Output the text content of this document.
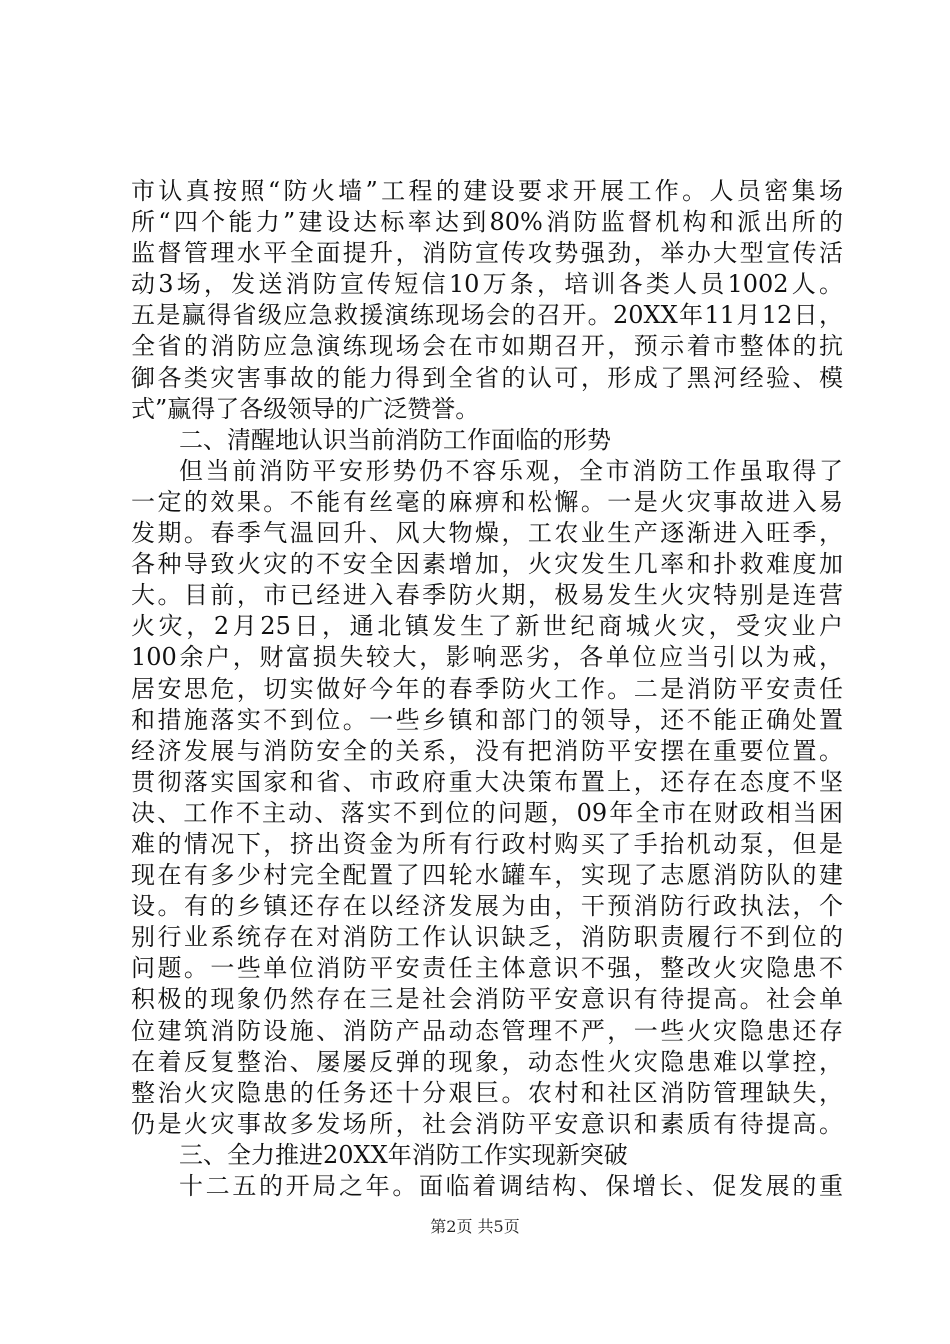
市认真按照“防火墙”工程的建设要求开展工作。人员密集场
所“四个能力”建设达标率达到80%消防监督机构和派出所的
监督管理水平全面提升，消防宣传攻势强劲，举办大型宣传活
动3场，发送消防宣传短信10万条，培训各类人员1002人。
五是赢得省级应急救援演练现场会的召开。20XX年11月12日，
全省的消防应急演练现场会在市如期召开，预示着市整体的抗
御各类灾害事故的能力得到全省的认可，形成了黑河经验、模
式”赢得了各级领导的广泛赞誉。
二、清醒地认识当前消防工作面临的形势
但当前消防平安形势仍不容乐观，全市消防工作虽取得了
一定的效果。不能有丝毫的麻痹和松懈。一是火灾事故进入易
发期。春季气温回升、风大物燥，工农业生产逐渐进入旺季，
各种导致火灾的不安全因素增加，火灾发生几率和扑救难度加
大。目前，市已经进入春季防火期，极易发生火灾特别是连营
火灾，2月25日，通北镇发生了新世纪商城火灾，受灾业户
100余户，财富损失较大，影响恶劣，各单位应当引以为戒，
居安思危，切实做好今年的春季防火工作。二是消防平安责任
和措施落实不到位。一些乡镇和部门的领导，还不能正确处置
经济发展与消防安全的关系，没有把消防平安摆在重要位置。
贯彻落实国家和省、市政府重大决策布置上，还存在态度不坚
决、工作不主动、落实不到位的问题，09年全市在财政相当困
难的情况下，挤出资金为所有行政村购买了手抬机动泵，但是
现在有多少村完全配置了四轮水罐车，实现了志愿消防队的建
设。有的乡镇还存在以经济发展为由，干预消防行政执法，个
别行业系统存在对消防工作认识缺乏，消防职责履行不到位的
问题。一些单位消防平安责任主体意识不强，整改火灾隐患不
积极的现象仍然存在三是社会消防平安意识有待提高。社会单
位建筑消防设施、消防产品动态管理不严，一些火灾隐患还存
在着反复整治、屡屡反弹的现象，动态性火灾隐患难以掌控，
整治火灾隐患的任务还十分艰巨。农村和社区消防管理缺失，
仍是火灾事故多发场所，社会消防平安意识和素质有待提高。
三、全力推进20XX年消防工作实现新突破
十二五的开局之年。面临着调结构、保增长、促发展的重
第2页 共5页
